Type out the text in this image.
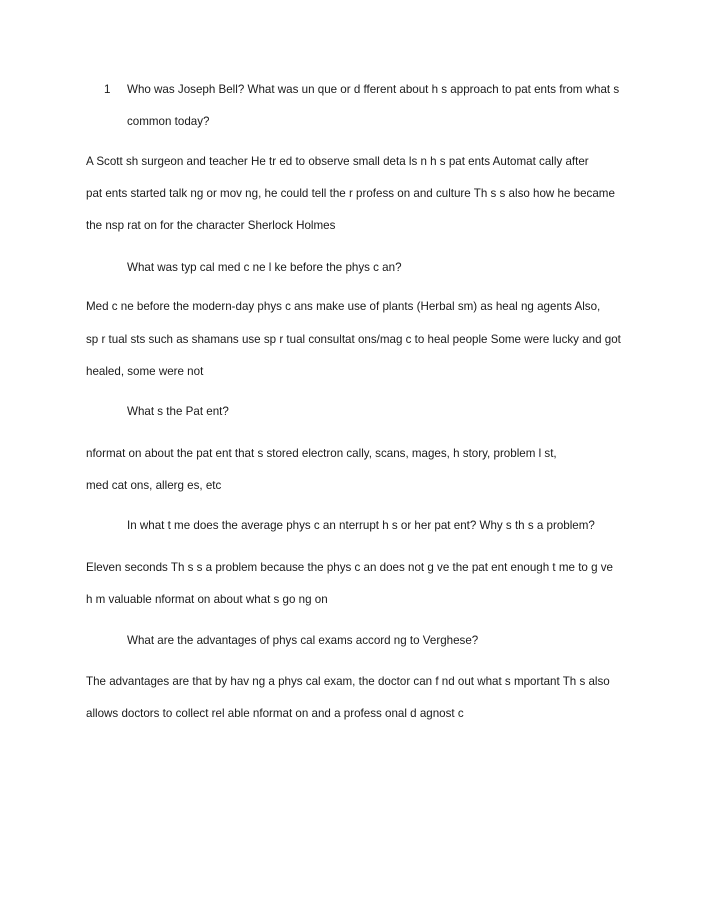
1 Who was Joseph Bell? What was un que or d fferent about h s approach to pat ents from what s
common today?
A Scott sh surgeon and teacher He tr ed to observe small deta ls n h s pat ents Automat cally after
pat ents started talk ng or mov ng, he could tell the r profess on and culture Th s s also how he became
the nsp rat on for the character Sherlock Holmes
What was typ cal med c ne l ke before the phys c an?
Med c ne before the modern-day phys c ans make use of plants (Herbal sm) as heal ng agents Also,
sp r tual sts such as shamans use sp r tual consultat ons/mag c to heal people Some were lucky and got
healed, some were not
What s the Pat ent?
nformat on about the pat ent that s stored electron cally, scans, mages, h story, problem l st,
med cat ons, allerg es, etc
In what t me does the average phys c an nterrupt h s or her pat ent? Why s th s a problem?
Eleven seconds Th s s a problem because the phys c an does not g ve the pat ent enough t me to g ve
h m valuable nformat on about what s go ng on
What are the advantages of phys cal exams accord ng to Verghese?
The advantages are that by hav ng a phys cal exam, the doctor can f nd out what s mportant Th s also
allows doctors to collect rel able nformat on and a profess onal d agnost c
